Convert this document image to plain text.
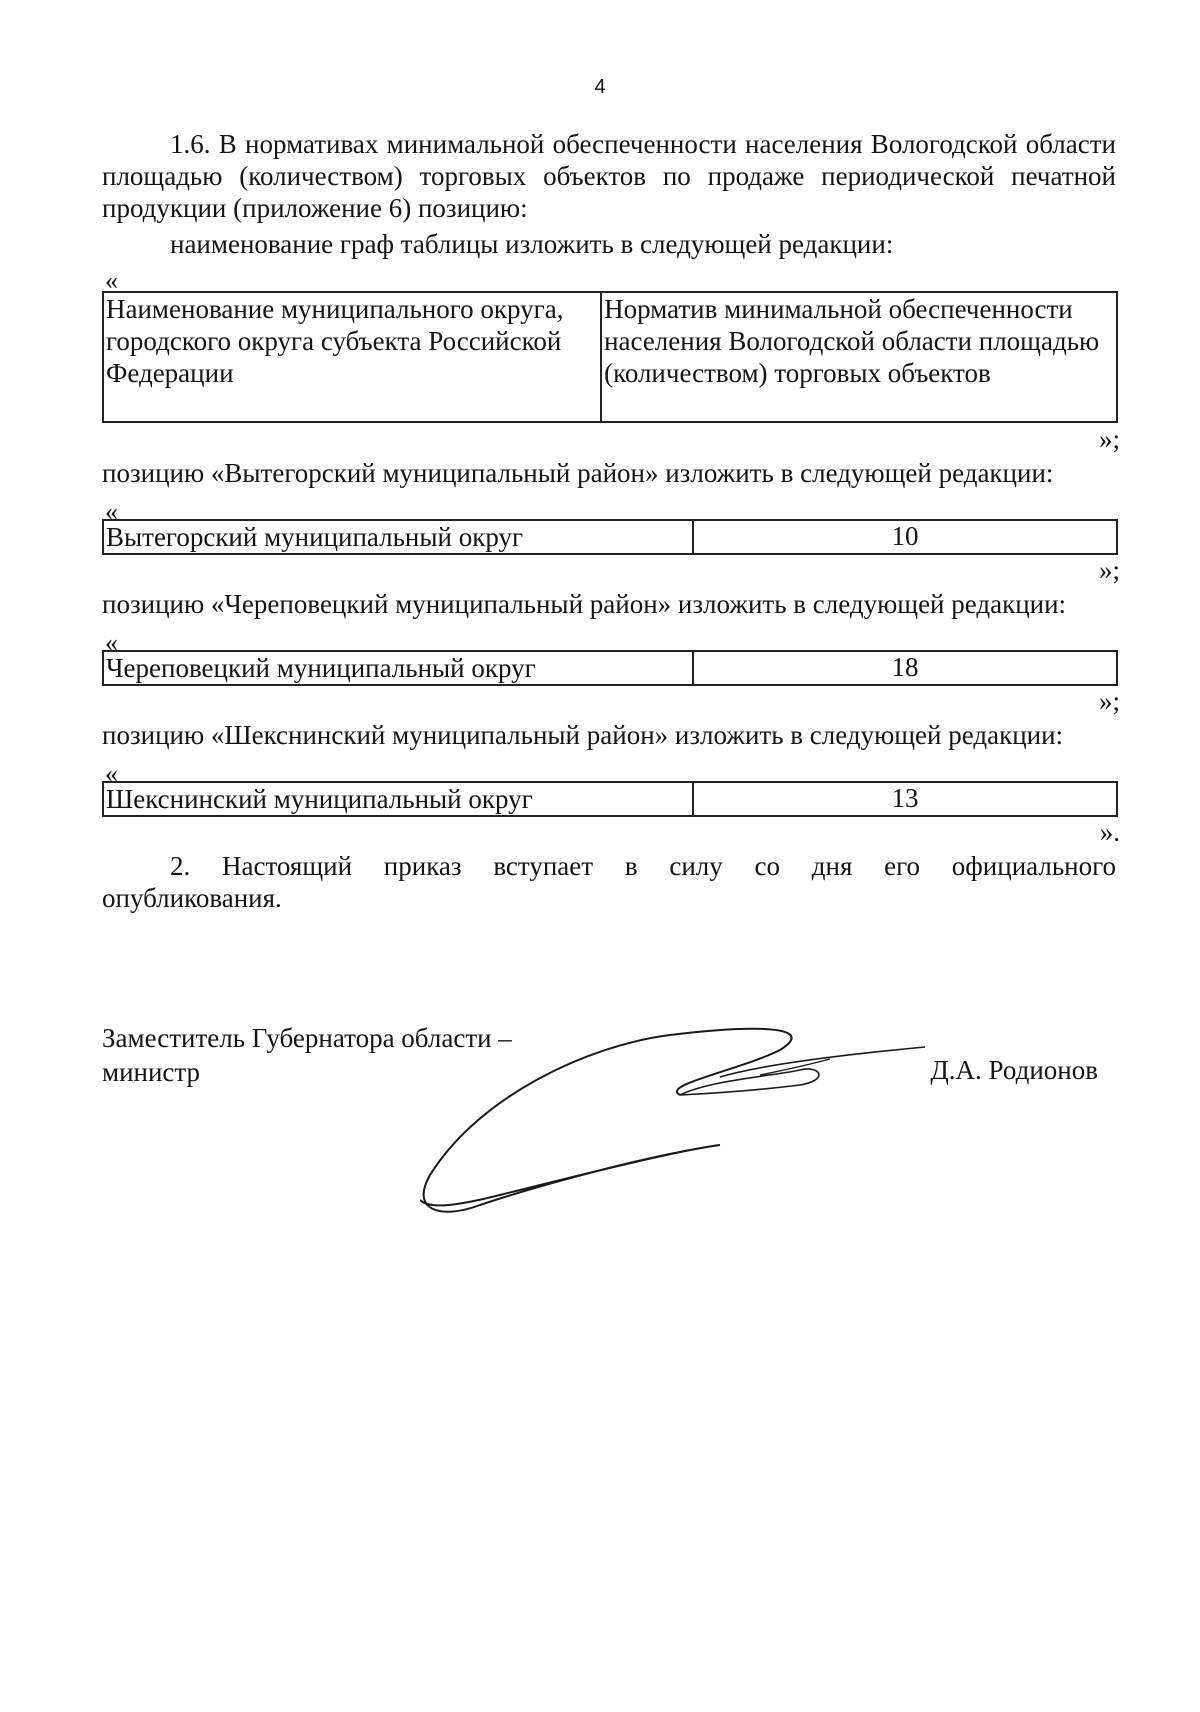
4
1.6. В нормативах минимальной обеспеченности населения Вологодской области площадью (количеством) торговых объектов по продаже периодической печатной продукции (приложение 6) позицию:
наименование граф таблицы изложить в следующей редакции:
«
Наименование муниципального округа, городского округа субъекта Российской Федерации	Норматив минимальной обеспеченности населения Вологодской области площадью (количеством) торговых объектов
»;
позицию «Вытегорский муниципальный район» изложить в следующей редакции:
«
Вытегорский муниципальный округ	10
»;
позицию «Череповецкий муниципальный район» изложить в следующей редакции:
«
Череповецкий муниципальный округ	18
»;
позицию «Шекснинский муниципальный район» изложить в следующей редакции:
«
Шекснинский муниципальный округ	13
».
2. Настоящий приказ вступает в силу со дня его официального опубликования.
Заместитель Губернатора области –
министр	Д.А. Родионов
